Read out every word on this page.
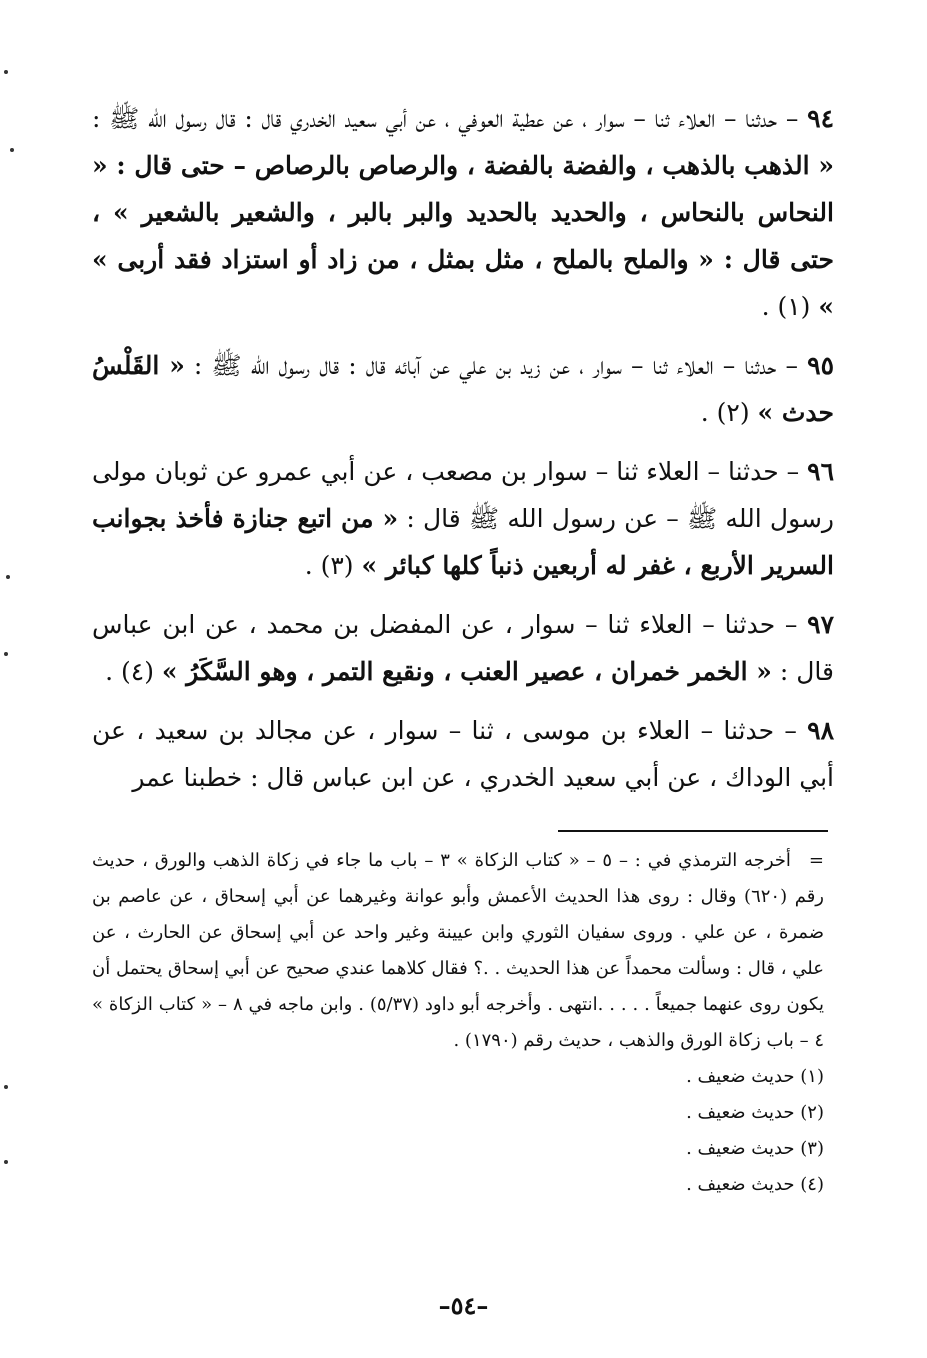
٩٤ – حدثنا – العلاء ثنا – سوار ، عن عطية العوفي ، عن أبي سعيد الخدري قال : قال رسول الله ﷺ : « الذهب بالذهب ، والفضة بالفضة ، والرصاص بالرصاص – حتى قال : « النحاس بالنحاس ، والحديد بالحديد والبر بالبر ، والشعير بالشعير » ، حتى قال : « والملح بالملح ، مثل بمثل ، من زاد أو استزاد فقد أربى » » (١) .

٩٥ – حدثنا – العلاء ثنا – سوار ، عن زيد بن علي عن آبائه قال : قال رسول الله ﷺ : « القَلْسُ حدث » (٢) .

٩٦ – حدثنا – العلاء ثنا – سوار بن مصعب ، عن أبي عمرو عن ثوبان مولى رسول الله ﷺ – عن رسول الله ﷺ قال : « من اتبع جنازة فأخذ بجوانب السرير الأربع ، غفر له أربعين ذنباً كلها كبائر » (٣) .

٩٧ – حدثنا – العلاء ثنا – سوار ، عن المفضل بن محمد ، عن ابن عباس قال : « الخمر خمران ، عصير العنب ، ونقيع التمر ، وهو السَّكَرُ » (٤) .

٩٨ – حدثنا – العلاء بن موسى ، ثنا – سوار ، عن مجالد بن سعيد ، عن أبي الوداك ، عن أبي سعيد الخدري ، عن ابن عباس قال : خطبنا عمر

=أخرجه الترمذي في : – ٥ – « كتاب الزكاة » ٣ – باب ما جاء في زكاة الذهب والورق ، حديث رقم (٦٢٠) وقال : روى هذا الحديث الأعمش وأبو عوانة وغيرهما عن أبي إسحاق ، عن عاصم بن ضمرة ، عن علي . وروى سفيان الثوري وابن عيينة وغير واحد عن أبي إسحاق عن الحارث ، عن علي ، قال : وسألت محمداً عن هذا الحديث . .؟ فقال كلاهما عندي صحيح عن أبي إسحاق يحتمل أن يكون روى عنهما جميعاً . . . . .انتهى . وأخرجه أبو داود (٥/٣٧) . وابن ماجه في ٨ – « كتاب الزكاة » ٤ – باب زكاة الورق والذهب ، حديث رقم (١٧٩٠) .

(١) حديث ضعيف .
(٢) حديث ضعيف .
(٣) حديث ضعيف .
(٤) حديث ضعيف .
–٥٤–
